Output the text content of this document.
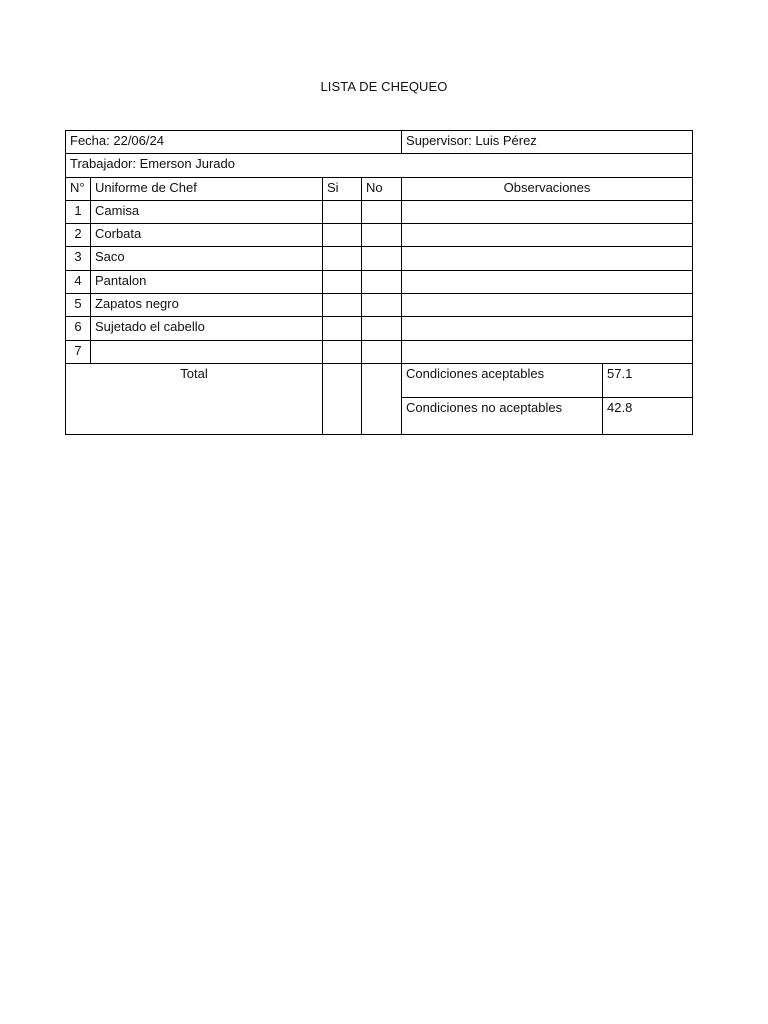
LISTA DE CHEQUEO
Fecha: 22/06/24				Supervisor: Luis Pérez	
Trabajador: Emerson Jurado					
N°	Uniforme de Chef	Si	No	Observaciones	
1	Camisa				
2	Corbata				
3	Saco				
4	Pantalon				
5	Zapatos negro				
6	Sujetado el cabello				
7					
Total				Condiciones aceptables	57.1
				Condiciones no aceptables	42.8
